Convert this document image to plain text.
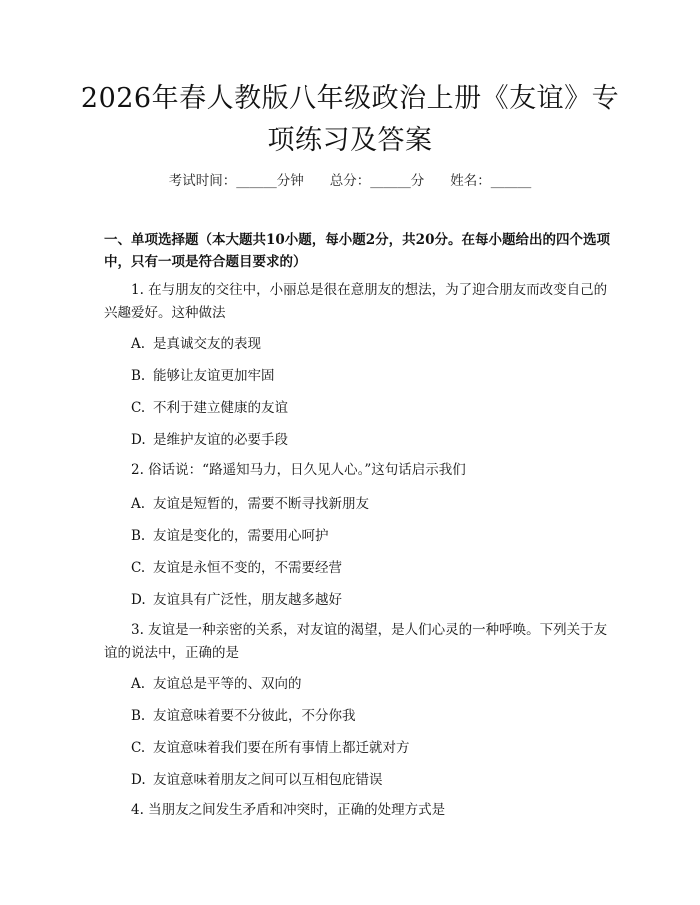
2026年春人教版八年级政治上册《友谊》专项练习及答案
考试时间：______分钟 总分：______分 姓名：______
一、单项选择题（本大题共10小题，每小题2分，共20分。在每小题给出的四个选项中，只有一项是符合题目要求的）
1. 在与朋友的交往中，小丽总是很在意朋友的想法，为了迎合朋友而改变自己的兴趣爱好。这种做法
A. 是真诚交友的表现
B. 能够让友谊更加牢固
C. 不利于建立健康的友谊
D. 是维护友谊的必要手段
2. 俗话说：“路遥知马力，日久见人心。”这句话启示我们
A. 友谊是短暂的，需要不断寻找新朋友
B. 友谊是变化的，需要用心呵护
C. 友谊是永恒不变的，不需要经营
D. 友谊具有广泛性，朋友越多越好
3. 友谊是一种亲密的关系，对友谊的渴望，是人们心灵的一种呼唤。下列关于友谊的说法中，正确的是
A. 友谊总是平等的、双向的
B. 友谊意味着要不分彼此，不分你我
C. 友谊意味着我们要在所有事情上都迁就对方
D. 友谊意味着朋友之间可以互相包庇错误
4. 当朋友之间发生矛盾和冲突时，正确的处理方式是
